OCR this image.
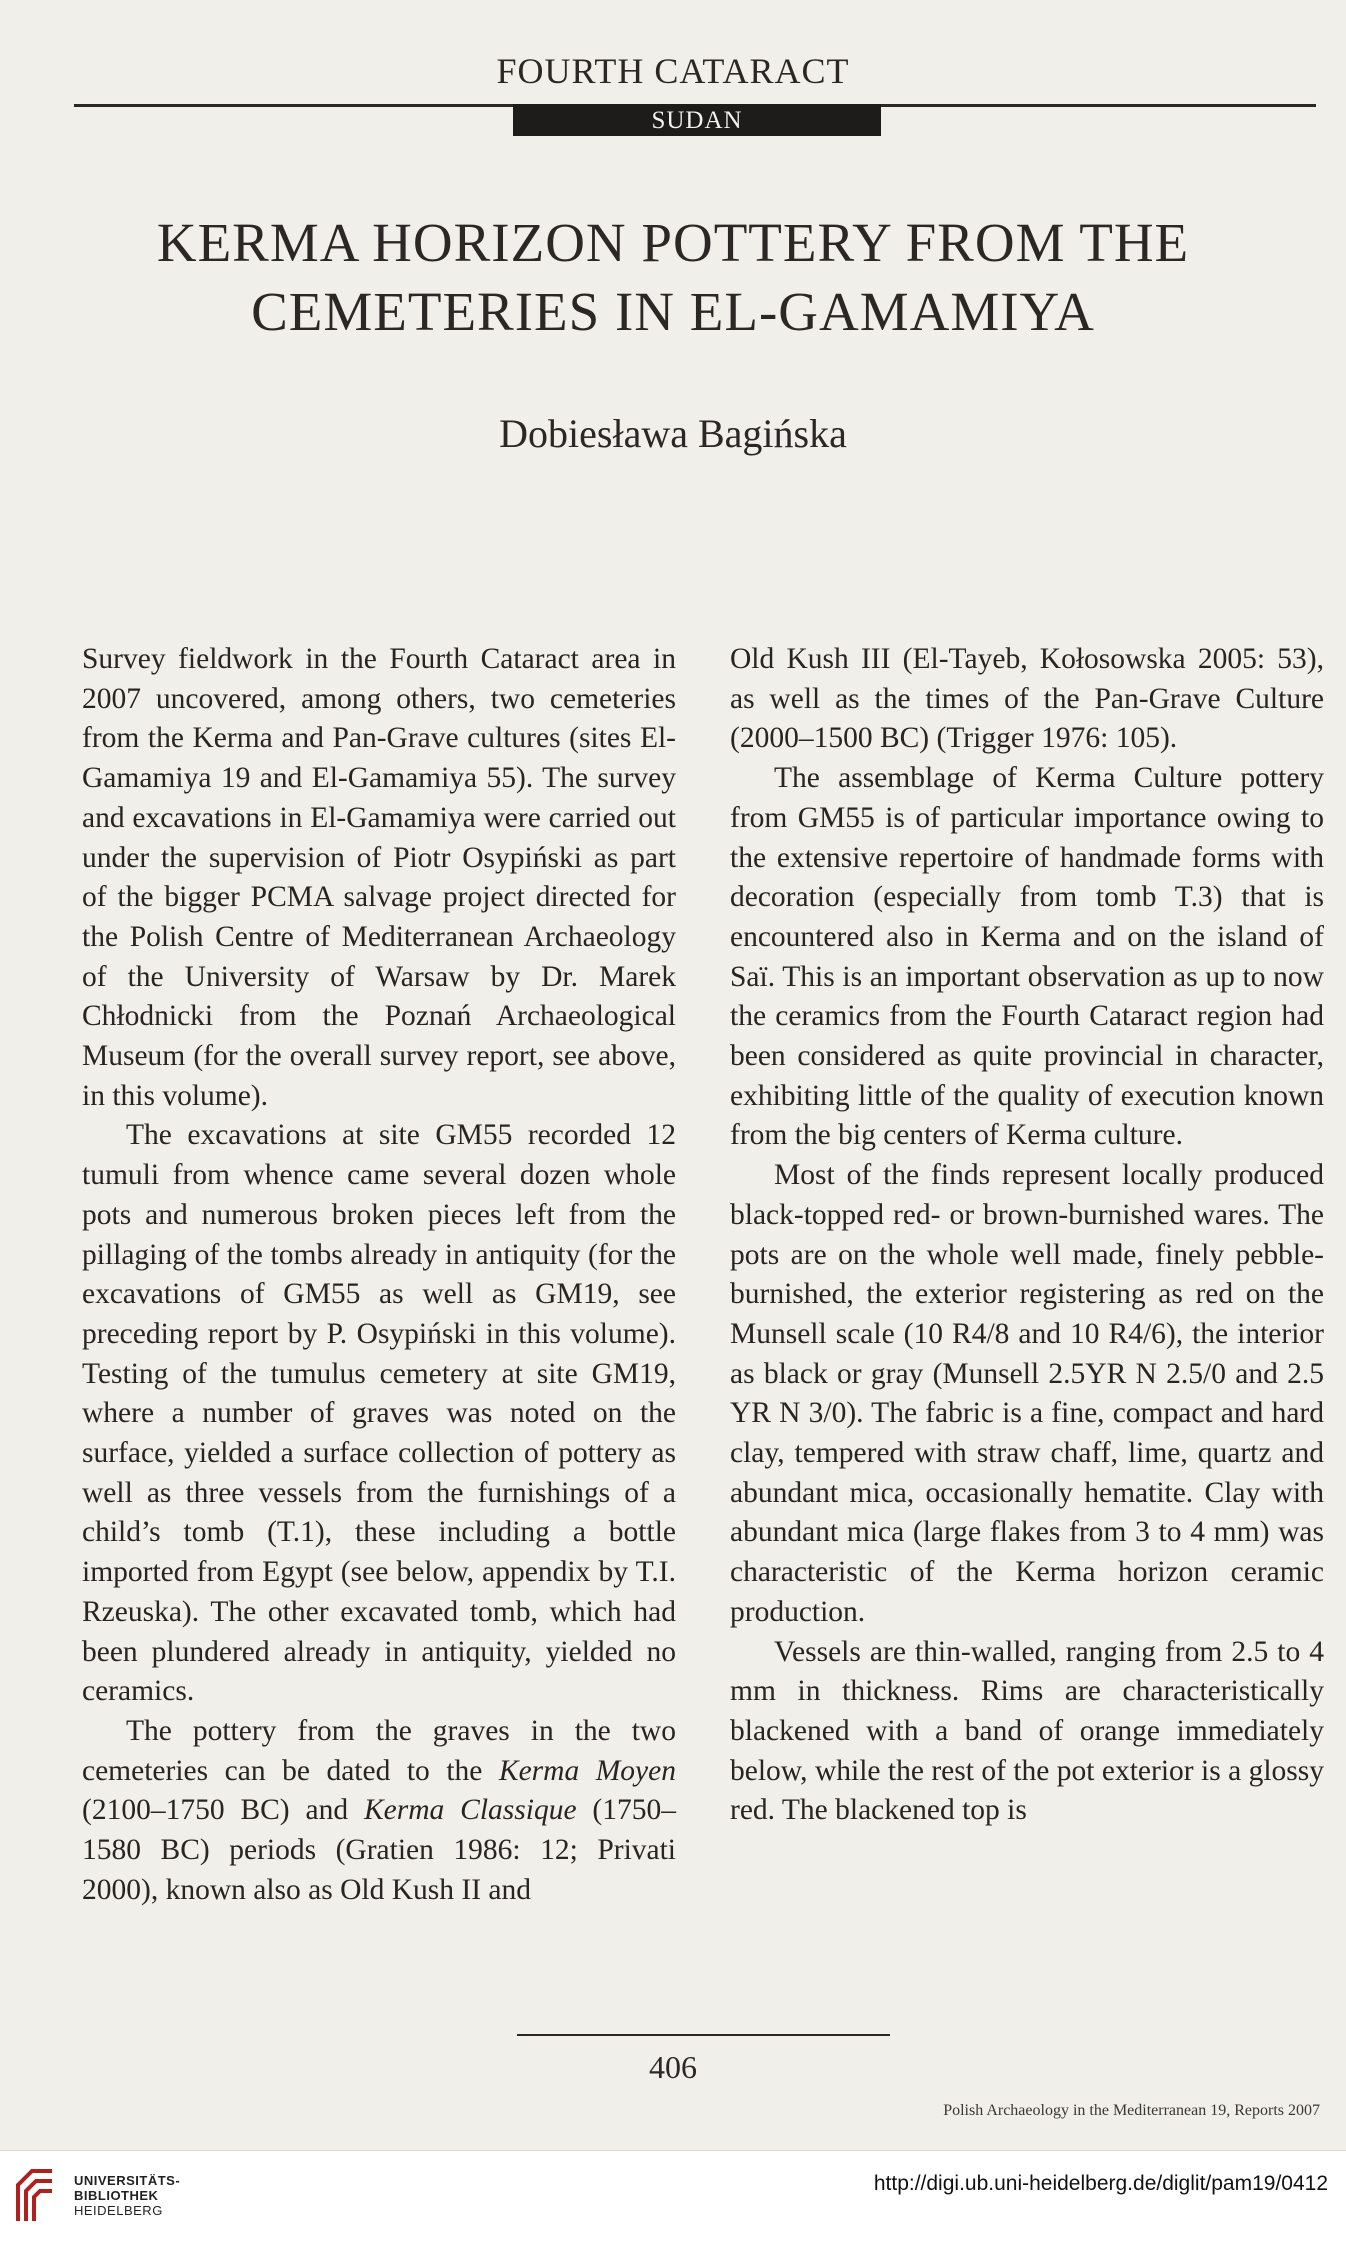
FOURTH CATARACT
SUDAN
KERMA HORIZON POTTERY FROM THE
CEMETERIES IN EL-GAMAMIYA
Dobiesława Bagińska

Survey fieldwork in the Fourth Cataract area in 2007 uncovered, among others, two cemeteries from the Kerma and Pan-Grave cultures (sites El-Gamamiya 19 and El-Gamamiya 55). The survey and excavations in El-Gamamiya were carried out under the supervision of Piotr Osypiński as part of the bigger PCMA salvage project directed for the Polish Centre of Mediterranean Archaeology of the University of Warsaw by Dr. Marek Chłodnicki from the Poznań Archaeological Museum (for the overall survey report, see above, in this volume).

The excavations at site GM55 recorded 12 tumuli from whence came several dozen whole pots and numerous broken pieces left from the pillaging of the tombs already in antiquity (for the excavations of GM55 as well as GM19, see preceding report by P. Osypiński in this volume). Testing of the tumulus cemetery at site GM19, where a number of graves was noted on the surface, yielded a surface collection of pottery as well as three vessels from the furnishings of a child’s tomb (T.1), these including a bottle imported from Egypt (see below, appendix by T.I. Rzeuska). The other excavated tomb, which had been plundered already in antiquity, yielded no ceramics.

The pottery from the graves in the two cemeteries can be dated to the Kerma Moyen (2100–1750 BC) and Kerma Classique (1750–1580 BC) periods (Gratien 1986: 12; Privati 2000), known also as Old Kush II and

Old Kush III (El-Tayeb, Kołosowska 2005: 53), as well as the times of the Pan-Grave Culture (2000–1500 BC) (Trigger 1976: 105).

The assemblage of Kerma Culture pottery from GM55 is of particular importance owing to the extensive repertoire of handmade forms with decoration (especially from tomb T.3) that is encountered also in Kerma and on the island of Saï. This is an important observation as up to now the ceramics from the Fourth Cataract region had been considered as quite provincial in character, exhibiting little of the quality of execution known from the big centers of Kerma culture.

Most of the finds represent locally produced black-topped red- or brown-burnished wares. The pots are on the whole well made, finely pebble-burnished, the exterior registering as red on the Munsell scale (10 R4/8 and 10 R4/6), the interior as black or gray (Munsell 2.5YR N 2.5/0 and 2.5 YR N 3/0). The fabric is a fine, compact and hard clay, tempered with straw chaff, lime, quartz and abundant mica, occasionally hematite. Clay with abundant mica (large flakes from 3 to 4 mm) was characteristic of the Kerma horizon ceramic production.

Vessels are thin-walled, ranging from 2.5 to 4 mm in thickness. Rims are characteristically blackened with a band of orange immediately below, while the rest of the pot exterior is a glossy red. The blackened top is

406
Polish Archaeology in the Mediterranean 19, Reports 2007
UNIVERSITÄTS-
BIBLIOTHEK
HEIDELBERG
http://digi.ub.uni-heidelberg.de/diglit/pam19/0412
